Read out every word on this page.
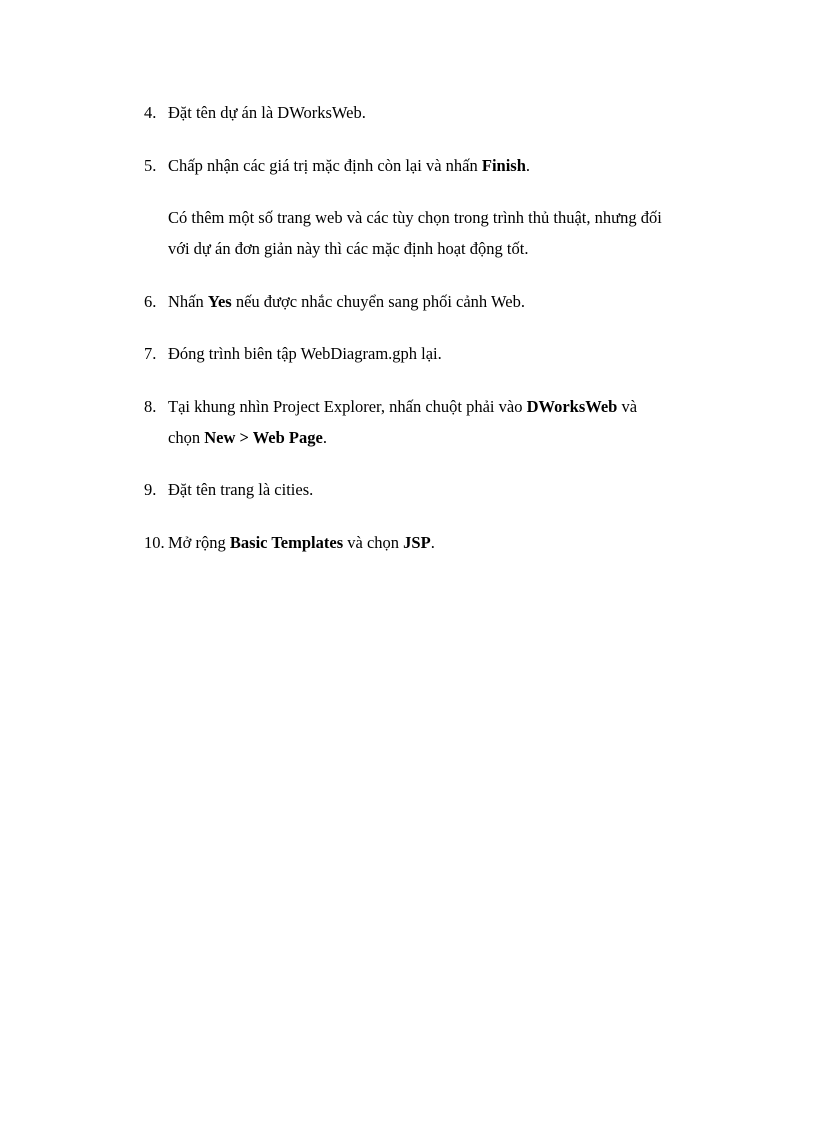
4. Đặt tên dự án là DWorksWeb.
5. Chấp nhận các giá trị mặc định còn lại và nhấn Finish.
Có thêm một số trang web và các tùy chọn trong trình thủ thuật, nhưng đối
với dự án đơn giản này thì các mặc định hoạt động tốt.
6. Nhấn Yes nếu được nhắc chuyển sang phối cảnh Web.
7. Đóng trình biên tập WebDiagram.gph lại.
8. Tại khung nhìn Project Explorer, nhấn chuột phải vào DWorksWeb và
chọn New > Web Page.
9. Đặt tên trang là cities.
10. Mở rộng Basic Templates và chọn JSP.
